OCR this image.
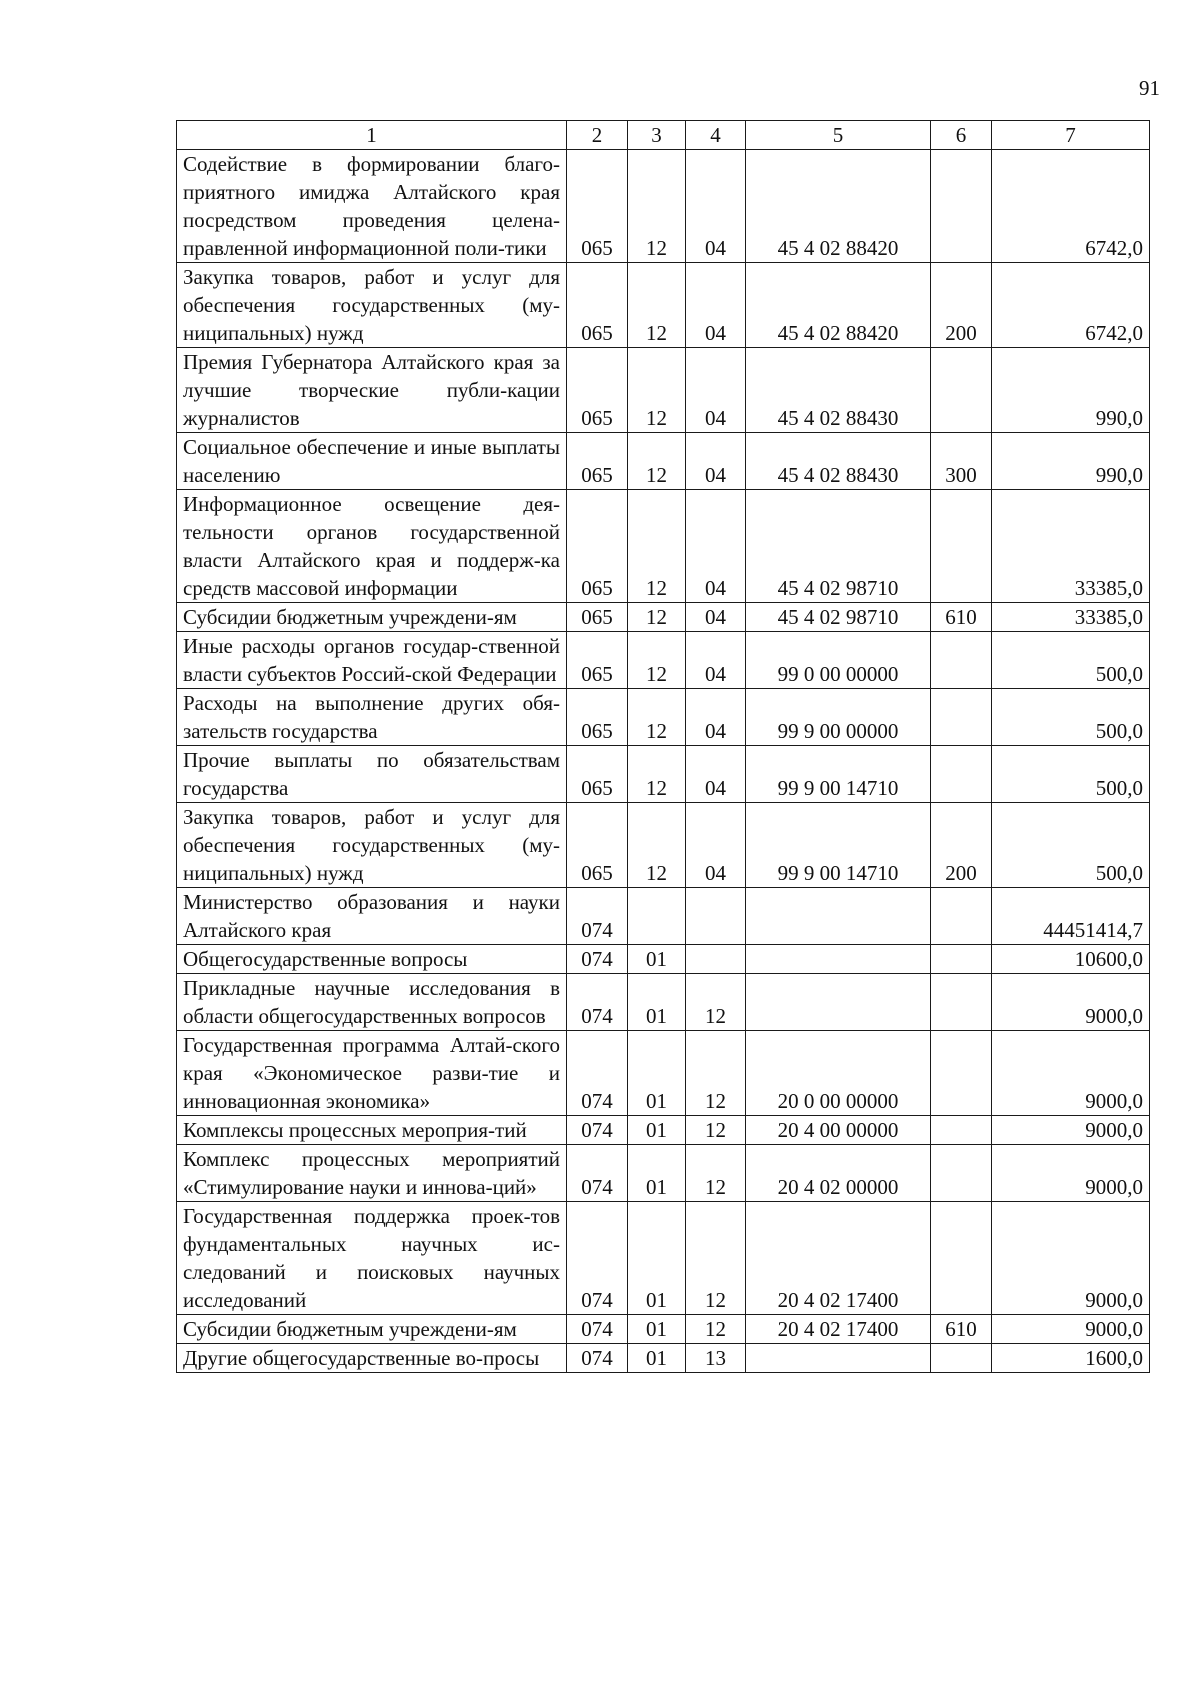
91
1	2	3	4	5	6	7
Содействие в формировании благо-приятного имиджа Алтайского края посредством проведения целена-правленной информационной поли-тики	065	12	04	45 4 02 88420		6742,0
Закупка товаров, работ и услуг для обеспечения государственных (му-ниципальных) нужд	065	12	04	45 4 02 88420	200	6742,0
Премия Губернатора Алтайского края за лучшие творческие публи-кации журналистов	065	12	04	45 4 02 88430		990,0
Социальное обеспечение и иные выплаты населению	065	12	04	45 4 02 88430	300	990,0
Информационное освещение дея-тельности органов государственной власти Алтайского края и поддерж-ка средств массовой информации	065	12	04	45 4 02 98710		33385,0
Субсидии бюджетным учреждени-ям	065	12	04	45 4 02 98710	610	33385,0
Иные расходы органов государ-ственной власти субъектов Россий-ской Федерации	065	12	04	99 0 00 00000		500,0
Расходы на выполнение других обя-зательств государства	065	12	04	99 9 00 00000		500,0
Прочие выплаты по обязательствам государства	065	12	04	99 9 00 14710		500,0
Закупка товаров, работ и услуг для обеспечения государственных (му-ниципальных) нужд	065	12	04	99 9 00 14710	200	500,0
Министерство образования и науки Алтайского края	074					44451414,7
Общегосударственные вопросы	074	01				10600,0
Прикладные научные исследования в области общегосударственных вопросов	074	01	12			9000,0
Государственная программа Алтай-ского края «Экономическое разви-тие и инновационная экономика»	074	01	12	20 0 00 00000		9000,0
Комплексы процессных мероприя-тий	074	01	12	20 4 00 00000		9000,0
Комплекс процессных мероприятий «Стимулирование науки и иннова-ций»	074	01	12	20 4 02 00000		9000,0
Государственная поддержка проек-тов фундаментальных научных ис-следований и поисковых научных исследований	074	01	12	20 4 02 17400		9000,0
Субсидии бюджетным учреждени-ям	074	01	12	20 4 02 17400	610	9000,0
Другие общегосударственные во-просы	074	01	13			1600,0
